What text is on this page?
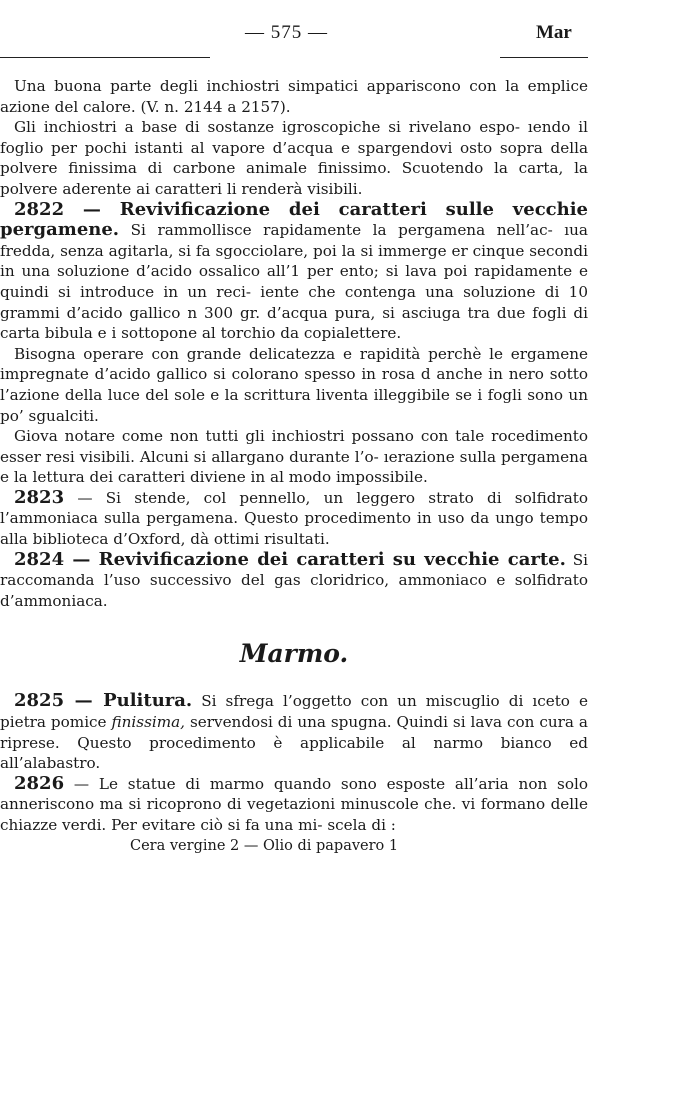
— 575 —	Mar

Una buona parte degli inchiostri simpatici appariscono con la emplice azione del calore. (V. n. 2144 a 2157).

Gli inchiostri a base di sostanze igroscopiche si rivelano espo- ıendo il foglio per pochi istanti al vapore d’acqua e spargendovi osto sopra della polvere finissima di carbone animale finissimo. Scuotendo la carta, la polvere aderente ai caratteri li renderà visibili.

2822 — Revivificazione dei caratteri sulle vecchie pergamene. Si rammollisce rapidamente la pergamena nell’ac- ıua fredda, senza agitarla, si fa sgocciolare, poi la si immerge er cinque secondi in una soluzione d’acido ossalico all’1 per ento; si lava poi rapidamente e quindi si introduce in un reci- iente che contenga una soluzione di 10 grammi d’acido gallico n 300 gr. d’acqua pura, si asciuga tra due fogli di carta bibula e i sottopone al torchio da copialettere.

Bisogna operare con grande delicatezza e rapidità perchè le ergamene impregnate d’acido gallico si colorano spesso in rosa d anche in nero sotto l’azione della luce del sole e la scrittura liventa illeggibile se i fogli sono un po’ sgualciti.

Giova notare come non tutti gli inchiostri possano con tale rocedimento esser resi visibili. Alcuni si allargano durante l’o- ıerazione sulla pergamena e la lettura dei caratteri diviene in al modo impossibile.

2823 — Si stende, col pennello, un leggero strato di solfidrato l’ammoniaca sulla pergamena. Questo procedimento in uso da ungo tempo alla biblioteca d’Oxford, dà ottimi risultati.

2824 — Revivificazione dei caratteri su vecchie carte. Si raccomanda l’uso successivo del gas cloridrico, ammoniaco e solfidrato d’ammoniaca.

Marmo.

2825 — Pulitura. Si sfrega l’oggetto con un miscuglio di ıceto e pietra pomice finissima, servendosi di una spugna. Quindi si lava con cura a riprese. Questo procedimento è applicabile al narmo bianco ed all’alabastro.

2826 — Le statue di marmo quando sono esposte all’aria non solo anneriscono ma si ricoprono di vegetazioni minuscole che. vi formano delle chiazze verdi. Per evitare ciò si fa una mi- scela di :

Cera vergine 2 — Olio di papavero 1
